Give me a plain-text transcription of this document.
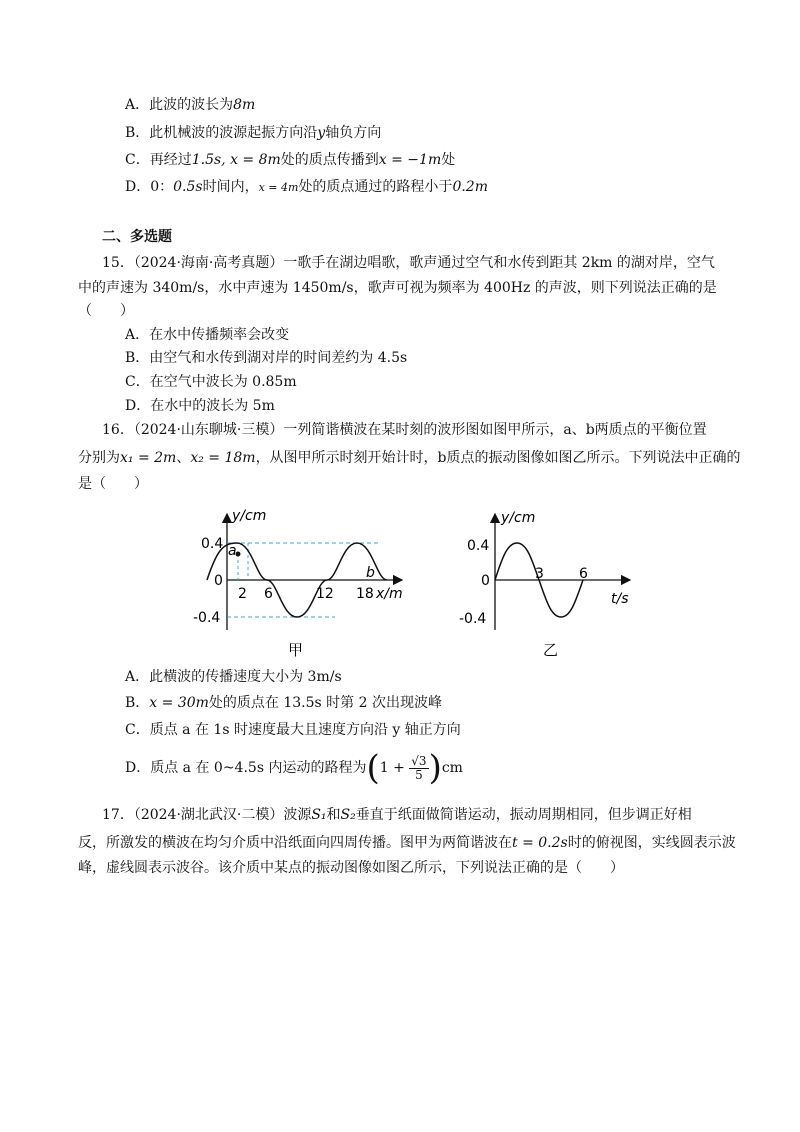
A．此波的波长为8m
B．此机械波的波源起振方向沿y轴负方向
C．再经过1.5s, x = 8m处的质点传播到x = −1m处
D．0：0.5s时间内，x = 4m处的质点通过的路程小于0.2m
二、多选题
15．（2024·海南·高考真题）一歌手在湖边唱歌，歌声通过空气和水传到距其 2km 的湖对岸，空气
中的声速为 340m/s，水中声速为 1450m/s，歌声可视为频率为 400Hz 的声波，则下列说法正确的是
（　　）
A．在水中传播频率会改变
B．由空气和水传到湖对岸的时间差约为 4.5s
C．在空气中波长为 0.85m
D．在水中的波长为 5m
16．（2024·山东聊城·三模）一列简谐横波在某时刻的波形图如图甲所示，a、b两质点的平衡位置
分别为x₁ = 2m、x₂ = 18m，从图甲所示时刻开始计时，b质点的振动图像如图乙所示。下列说法中正确的
是（　　）
a
b
y/cm
x/m
0.4
0
-0.4
2 6	12 18
甲
y/cm
t/s
0.4
0
-0.4
3	6
乙
A．此横波的传播速度大小为 3m/s
B．x = 30m处的质点在 13.5s 时第 2 次出现波峰
C．质点 a 在 1s 时速度最大且速度方向沿 y 轴正方向
D．质点 a 在 0~4.5s 内运动的路程为$(1 + \frac{√3}{5} )cm$
17．（2024·湖北武汉·二模）波源S₁和S₂垂直于纸面做简谐运动，振动周期相同，但步调正好相
反，所激发的横波在均匀介质中沿纸面向四周传播。图甲为两简谐波在t = 0.2s时的俯视图，实线圆表示波
峰，虚线圆表示波谷。该介质中某点的振动图像如图乙所示，下列说法正确的是（　　）
